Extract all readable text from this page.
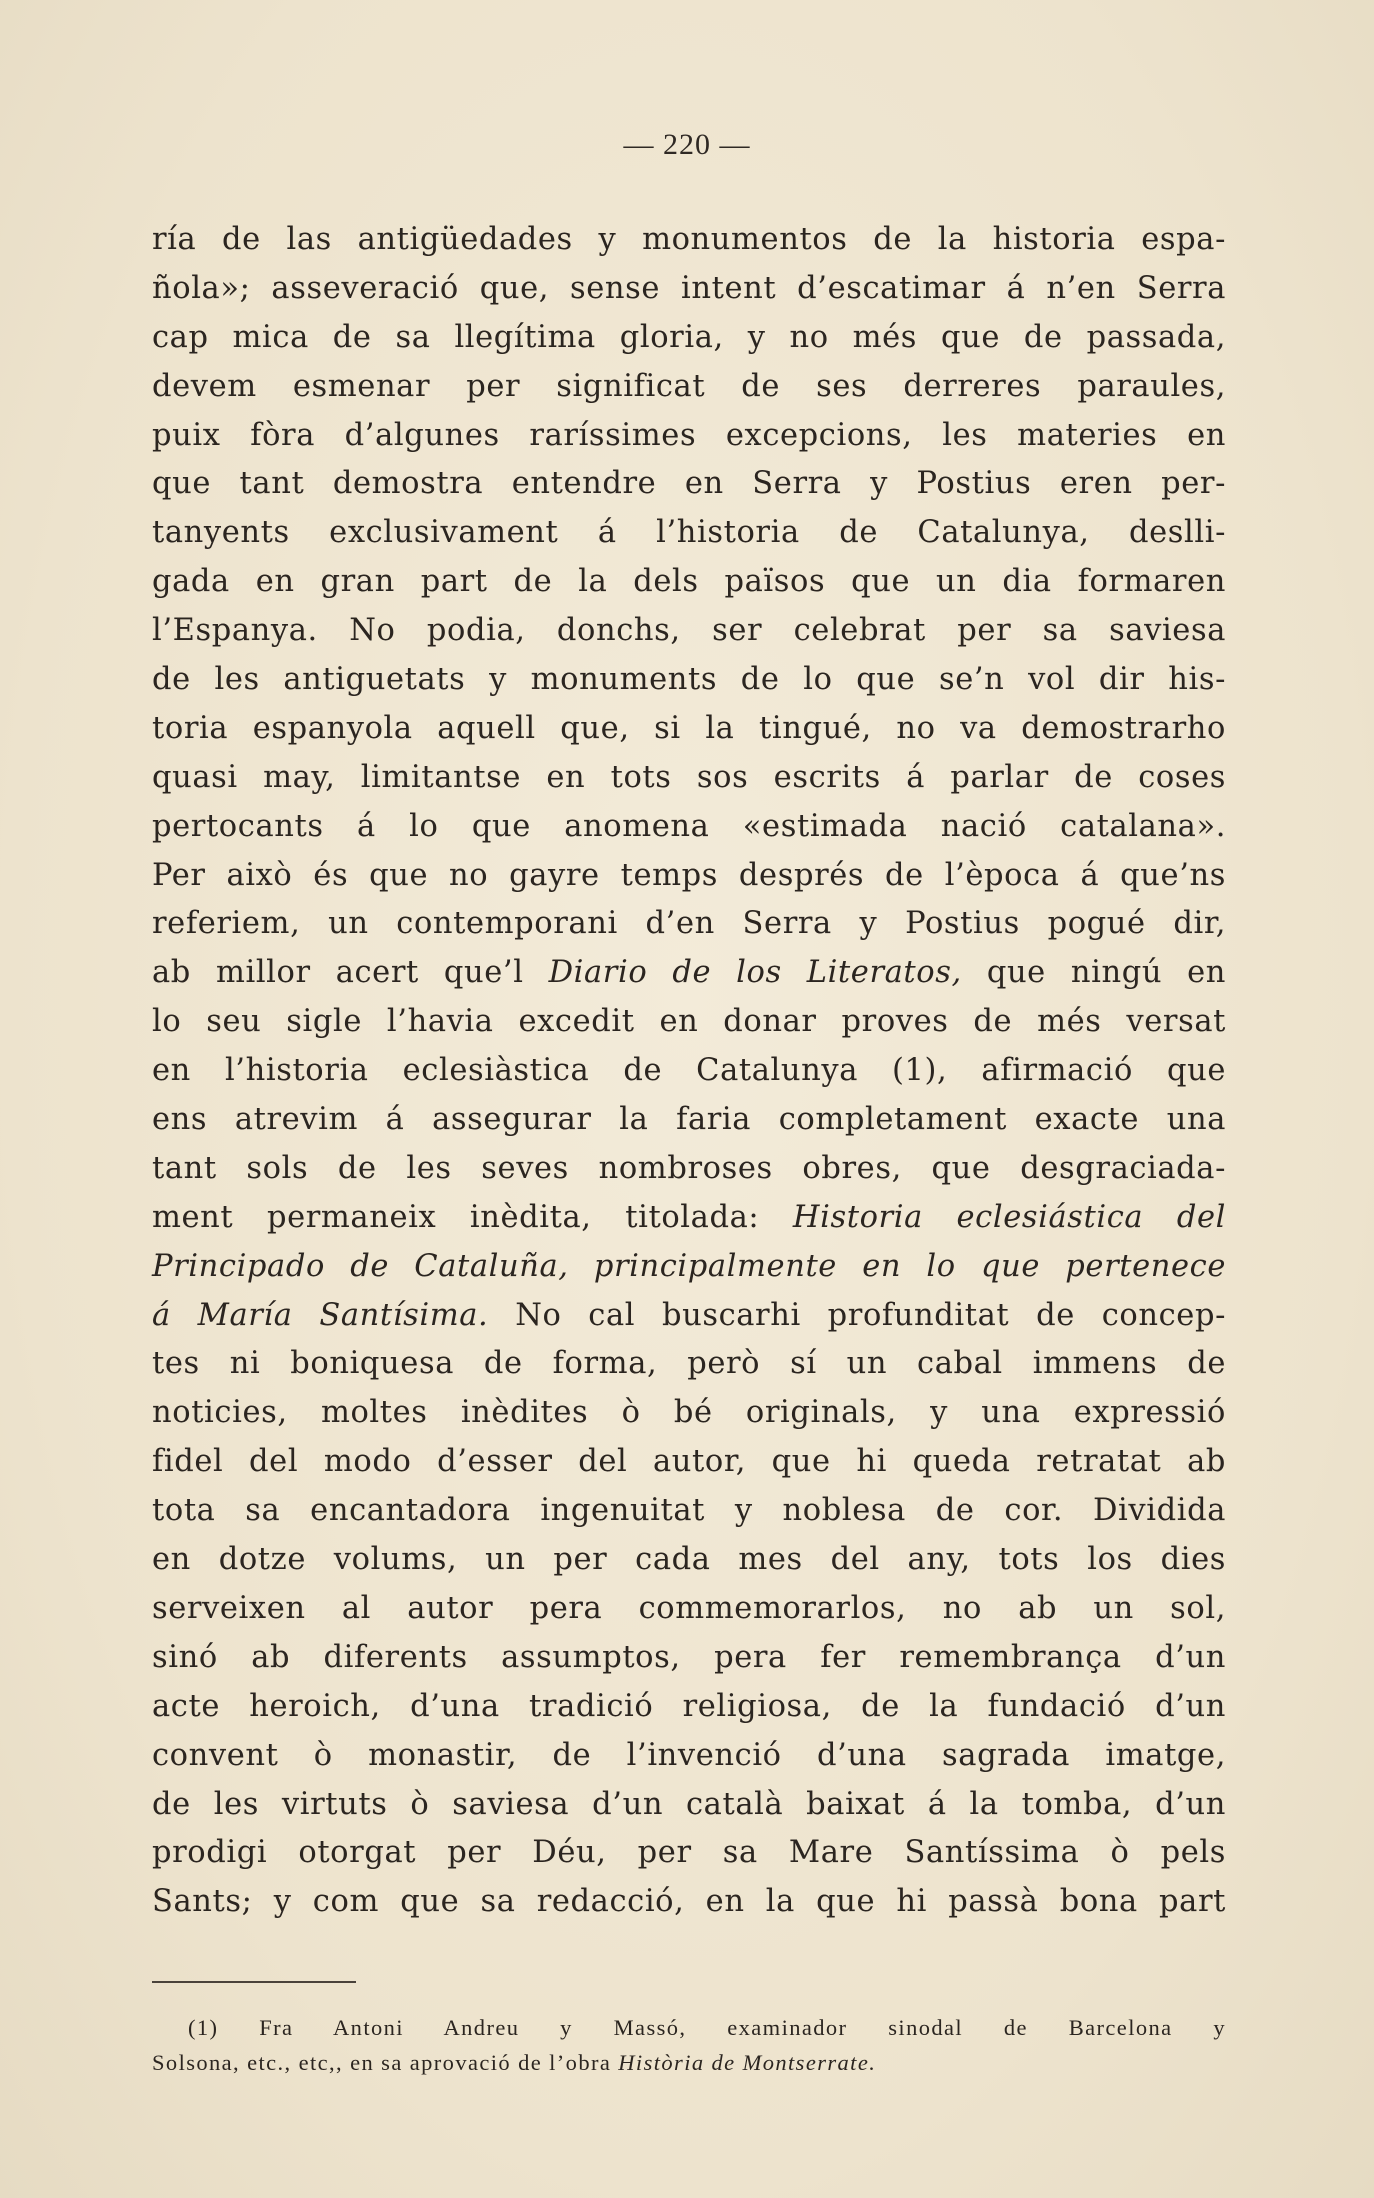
— 220 —
ría de las antigüedades y monumentos de la historia espa-
ñola»; asseveració que, sense intent d’escatimar á n’en Serra
cap mica de sa llegítima gloria, y no més que de passada,
devem esmenar per significat de ses derreres paraules,
puix fòra d’algunes raríssimes excepcions, les materies en
que tant demostra entendre en Serra y Postius eren per-
tanyents exclusivament á l’historia de Catalunya, deslli-
gada en gran part de la dels països que un dia formaren
l’Espanya. No podia, donchs, ser celebrat per sa saviesa
de les antiguetats y monuments de lo que se’n vol dir his-
toria espanyola aquell que, si la tingué, no va demostrarho
quasi may, limitantse en tots sos escrits á parlar de coses
pertocants á lo que anomena «estimada nació catalana».
Per això és que no gayre temps després de l’època á que’ns
referiem, un contemporani d’en Serra y Postius pogué dir,
ab millor acert que’l Diario de los Literatos, que ningú en
lo seu sigle l’havia excedit en donar proves de més versat
en l’historia eclesiàstica de Catalunya (1), afirmació que
ens atrevim á assegurar la faria completament exacte una
tant sols de les seves nombroses obres, que desgraciada-
ment permaneix inèdita, titolada: Historia eclesiástica del
Principado de Cataluña, principalmente en lo que pertenece
á María Santísima. No cal buscarhi profunditat de concep-
tes ni boniquesa de forma, però sí un cabal immens de
noticies, moltes inèdites ò bé originals, y una expressió
fidel del modo d’esser del autor, que hi queda retratat ab
tota sa encantadora ingenuitat y noblesa de cor. Dividida
en dotze volums, un per cada mes del any, tots los dies
serveixen al autor pera commemorarlos, no ab un sol,
sinó ab diferents assumptos, pera fer remembrança d’un
acte heroich, d’una tradició religiosa, de la fundació d’un
convent ò monastir, de l’invenció d’una sagrada imatge,
de les virtuts ò saviesa d’un català baixat á la tomba, d’un
prodigi otorgat per Déu, per sa Mare Santíssima ò pels
Sants; y com que sa redacció, en la que hi passà bona part
(1) Fra Antoni Andreu y Massó, examinador sinodal de Barcelona y
Solsona, etc., etc,, en sa aprovació de l’obra Història de Montserrate.
